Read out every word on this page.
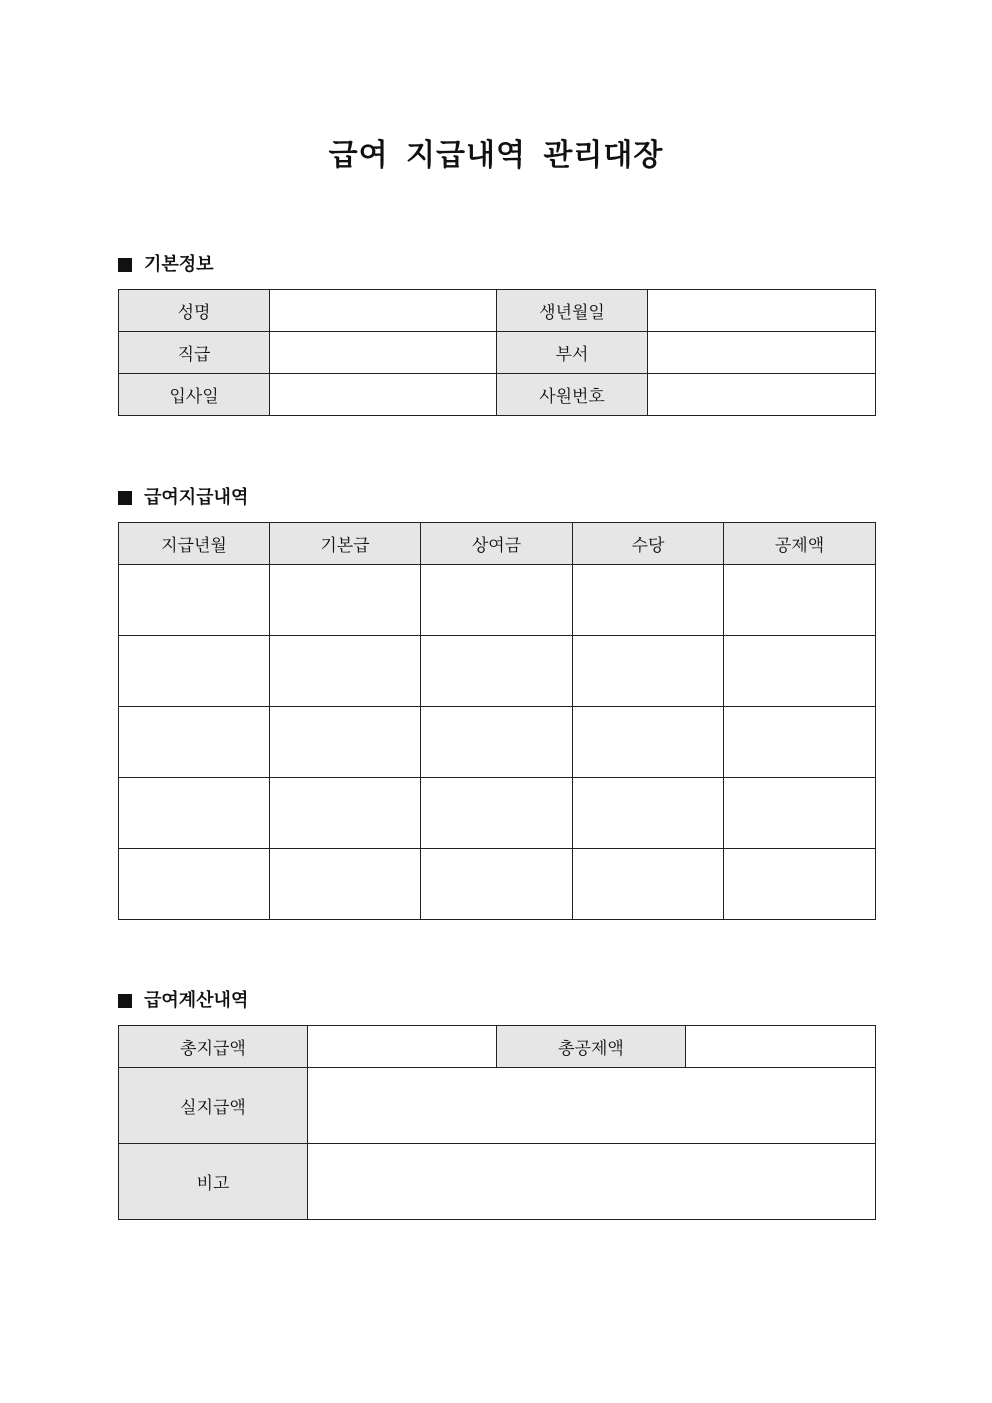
급여 지급내역 관리대장
기본정보
성명		생년월일	
직급		부서	
입사일		사원번호	
급여지급내역
지급년월	기본급	상여금	수당	공제액

급여계산내역
총지급액		총공제액	
실지급액			
비고			
